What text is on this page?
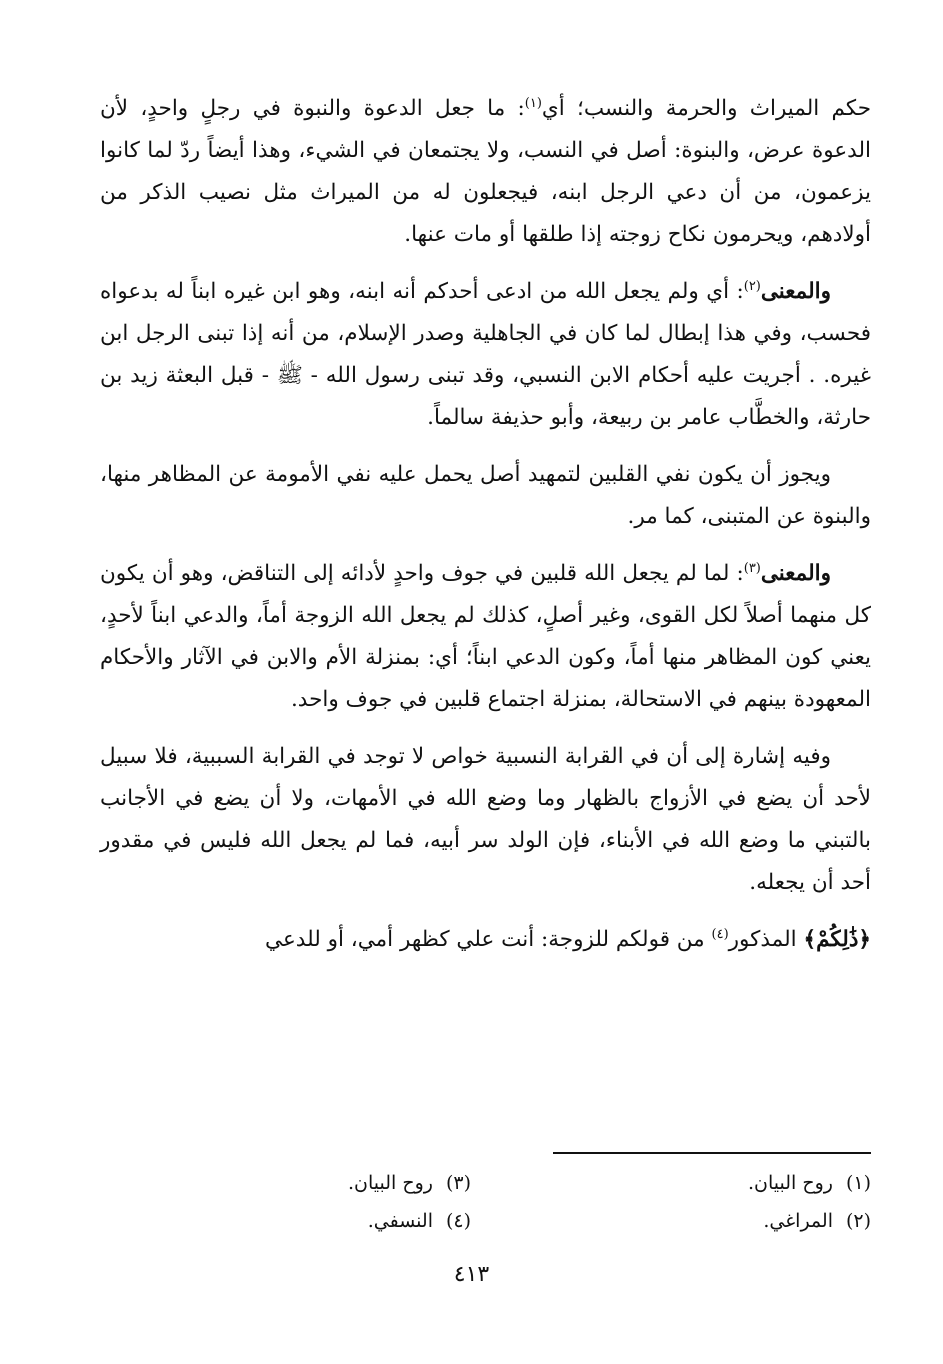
حكم الميراث والحرمة والنسب؛ أي$^{(١)}$: ما جعل الدعوة والنبوة في رجلٍ واحدٍ، لأن الدعوة عرض، والبنوة: أصل في النسب، ولا يجتمعان في الشيء، وهذا أيضاً ردّ لما كانوا يزعمون، من أن دعي الرجل ابنه، فيجعلون له من الميراث مثل نصيب الذكر من أولادهم، ويحرمون نكاح زوجته إذا طلقها أو مات عنها.

والمعنى$^{(٢)}$: أي ولم يجعل الله من ادعى أحدكم أنه ابنه، وهو ابن غيره ابناً له بدعواه فحسب، وفي هذا إبطال لما كان في الجاهلية وصدر الإسلام، من أنه إذا تبنى الرجل ابن غيره. . أجريت عليه أحكام الابن النسبي، وقد تبنى رسول الله - ﷺ - قبل البعثة زيد بن حارثة، والخطَّاب عامر بن ربيعة، وأبو حذيفة سالماً.

ويجوز أن يكون نفي القلبين لتمهيد أصل يحمل عليه نفي الأمومة عن المظاهر منها، والبنوة عن المتبنى، كما مر.

والمعنى$^{(٣)}$: لما لم يجعل الله قلبين في جوف واحدٍ لأدائه إلى التناقض، وهو أن يكون كل منهما أصلاً لكل القوى، وغير أصلٍ، كذلك لم يجعل الله الزوجة أماً، والدعي ابناً لأحدٍ، يعني كون المظاهر منها أماً، وكون الدعي ابناً؛ أي: بمنزلة الأم والابن في الآثار والأحكام المعهودة بينهم في الاستحالة، بمنزلة اجتماع قلبين في جوف واحد.

وفيه إشارة إلى أن في القرابة النسبية خواص لا توجد في القرابة السببية، فلا سبيل لأحد أن يضع في الأزواج بالظهار وما وضع الله في الأمهات، ولا أن يضع في الأجانب بالتبني ما وضع الله في الأبناء، فإن الولد سر أبيه، فما لم يجعل الله فليس في مقدور أحد أن يجعله.

﴿ذَٰلِكُمْ﴾ المذكور$^{(٤)}$ من قولكم للزوجة: أنت علي كظهر أمي، أو للدعي

(١)روح البيان.
(٣)روح البيان.
(٢)المراغي.
(٤)النسفي.
٤١٣
